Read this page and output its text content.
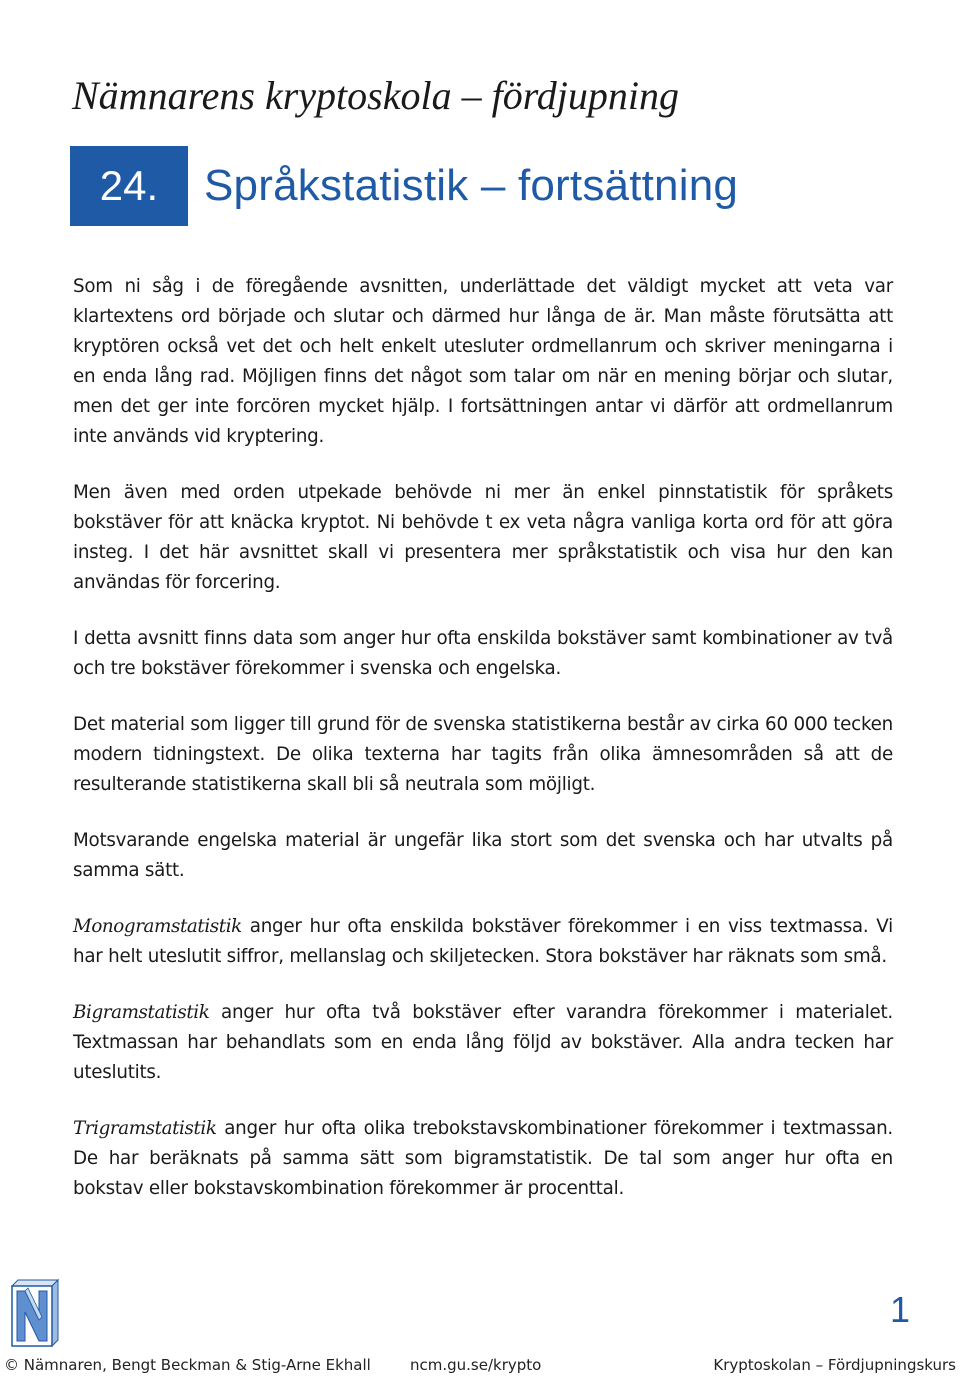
Nämnarens kryptoskola – fördjupning
24.	Språkstatistik – fortsättning

Som ni såg i de föregående avsnitten, underlättade det väldigt mycket att veta var klartextens ord började och slutar och därmed hur långa de är. Man måste förutsätta att kryptören också vet det och helt enkelt utesluter ordmellanrum och skriver meningarna i en enda lång rad. Möjligen finns det något som talar om när en mening börjar och slutar, men det ger inte forcören mycket hjälp. I fortsättningen antar vi därför att ordmellanrum inte används vid kryptering.

Men även med orden utpekade behövde ni mer än enkel pinnstatistik för språkets bokstäver för att knäcka kryptot. Ni behövde t ex veta några vanliga korta ord för att göra insteg. I det här avsnittet skall vi presentera mer språkstatistik och visa hur den kan användas för forcering.

I detta avsnitt finns data som anger hur ofta enskilda bokstäver samt kombinationer av två och tre bokstäver förekommer i svenska och engelska.

Det material som ligger till grund för de svenska statistikerna består av cirka 60 000 tecken modern tidningstext. De olika texterna har tagits från olika ämnesområden så att de resulterande statistikerna skall bli så neutrala som möjligt.

Motsvarande engelska material är ungefär lika stort som det svenska och har utvalts på samma sätt.

Monogramstatistik anger hur ofta enskilda bokstäver förekommer i en viss textmassa. Vi har helt uteslutit siffror, mellanslag och skiljetecken. Stora bokstäver har räknats som små.

Bigramstatistik anger hur ofta två bokstäver efter varandra förekommer i materialet. Textmassan har behandlats som en enda lång följd av bokstäver. Alla andra tecken har uteslutits.

Trigramstatistik anger hur ofta olika trebokstavskombinationer förekommer i textmassan. De har beräknats på samma sätt som bigramstatistik. De tal som anger hur ofta en bokstav eller bokstavskombination förekommer är procenttal.

1
© Nämnaren, Bengt Beckman & Stig-Arne Ekhall	ncm.gu.se/krypto	Kryptoskolan – Fördjupningskurs
